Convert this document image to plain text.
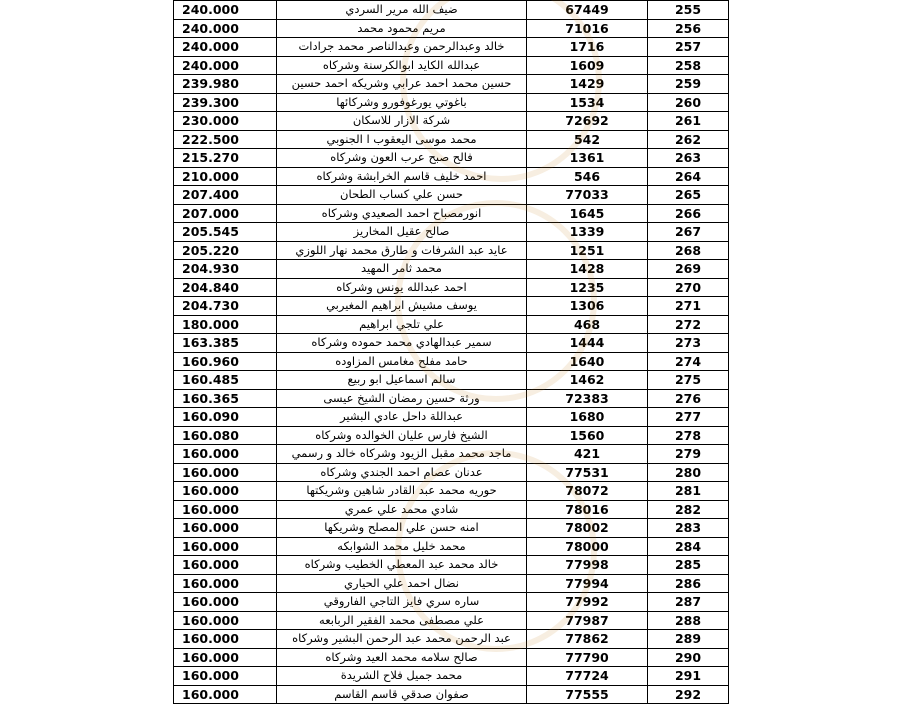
240.000	ضيف الله مرير السردي	67449	255
240.000	مريم محمود محمد	71016	256
240.000	خالد وعبدالرحمن وعبدالناصر محمد جرادات	1716	257
240.000	عبدالله الكايد ابوالكرسنة وشركاه	1609	258
239.980	حسين محمد احمد عرابي وشريكه احمد حسين	1429	259
239.300	باغوتي يورغوفورو وشركائها	1534	260
230.000	شركة الازار للاسكان	72692	261
222.500	محمد موسى اليعقوب ا الجنوبي	542	262
215.270	فالح صبح عرب العون وشركاه	1361	263
210.000	احمد خليف قاسم الخرابشة وشركاه	546	264
207.400	حسن علي كساب الطحان	77033	265
207.000	انورمصباح احمد الصعيدي وشركاه	1645	266
205.545	صالح عقيل المخاريز	1339	267
205.220	عايد عبد الشرفات و طارق محمد نهار اللوزي	1251	268
204.930	محمد ثامر المهيد	1428	269
204.840	احمد عبدالله يونس وشركاه	1235	270
204.730	يوسف مشيش ابراهيم المغيربي	1306	271
180.000	علي تلجي ابراهيم	468	272
163.385	سمير عبدالهادي محمد حموده وشركاه	1444	273
160.960	حامد مفلح مغامس المزاوده	1640	274
160.485	سالم اسماعيل ابو ربيع	1462	275
160.365	ورثة حسين رمضان الشيخ عيسى	72383	276
160.090	عبداللة داحل عادي البشير	1680	277
160.080	الشيخ فارس عليان الخوالده وشركاه	1560	278
160.000	ماجد محمد مقبل الزيود وشركاه خالد و رسمي	421	279
160.000	عدنان عصام احمد الجندي وشركاه	77531	280
160.000	حوريه محمد عبد القادر شاهين وشريكتها	78072	281
160.000	شادي محمد علي عمري	78016	282
160.000	امنه حسن علي المصلح وشريكها	78002	283
160.000	محمد خليل محمد الشوابكه	78000	284
160.000	خالد محمد عبد المعطي الخطيب وشركاه	77998	285
160.000	نضال احمد علي الحياري	77994	286
160.000	ساره سري فايز التاجي الفاروقي	77992	287
160.000	علي مصطفى محمد الفقير الربابعه	77987	288
160.000	عبد الرحمن محمد عبد الرحمن البشير وشركاه	77862	289
160.000	صالح سلامه محمد العيد وشركاه	77790	290
160.000	محمد جميل فلاح الشريدة	77724	291
160.000	صفوان صدقي قاسم القاسم	77555	292
